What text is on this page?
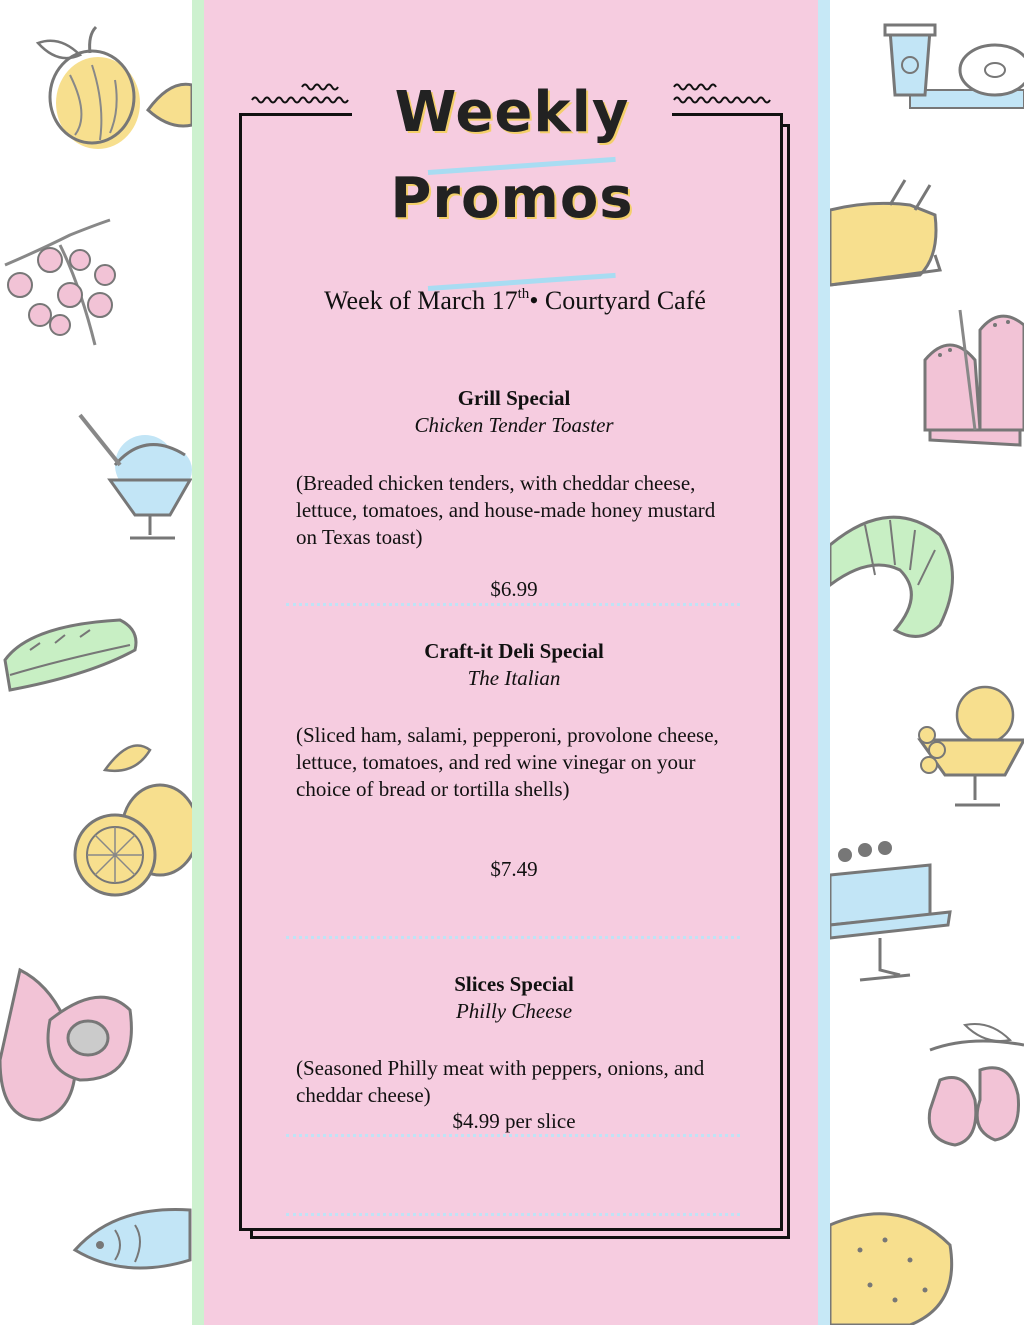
Weekly
Promos
Week of March 17th• Courtyard Café
Grill Special
Chicken Tender Toaster
(Breaded chicken tenders, with cheddar cheese, lettuce, tomatoes, and house-made honey mustard on Texas toast)
$6.99
Craft-it Deli Special
The Italian
(Sliced ham, salami, pepperoni, provolone cheese, lettuce, tomatoes, and red wine vinegar on your choice of bread or tortilla shells)
$7.49
Slices Special
Philly Cheese
(Seasoned Philly meat with peppers, onions, and cheddar cheese)
$4.99 per slice
